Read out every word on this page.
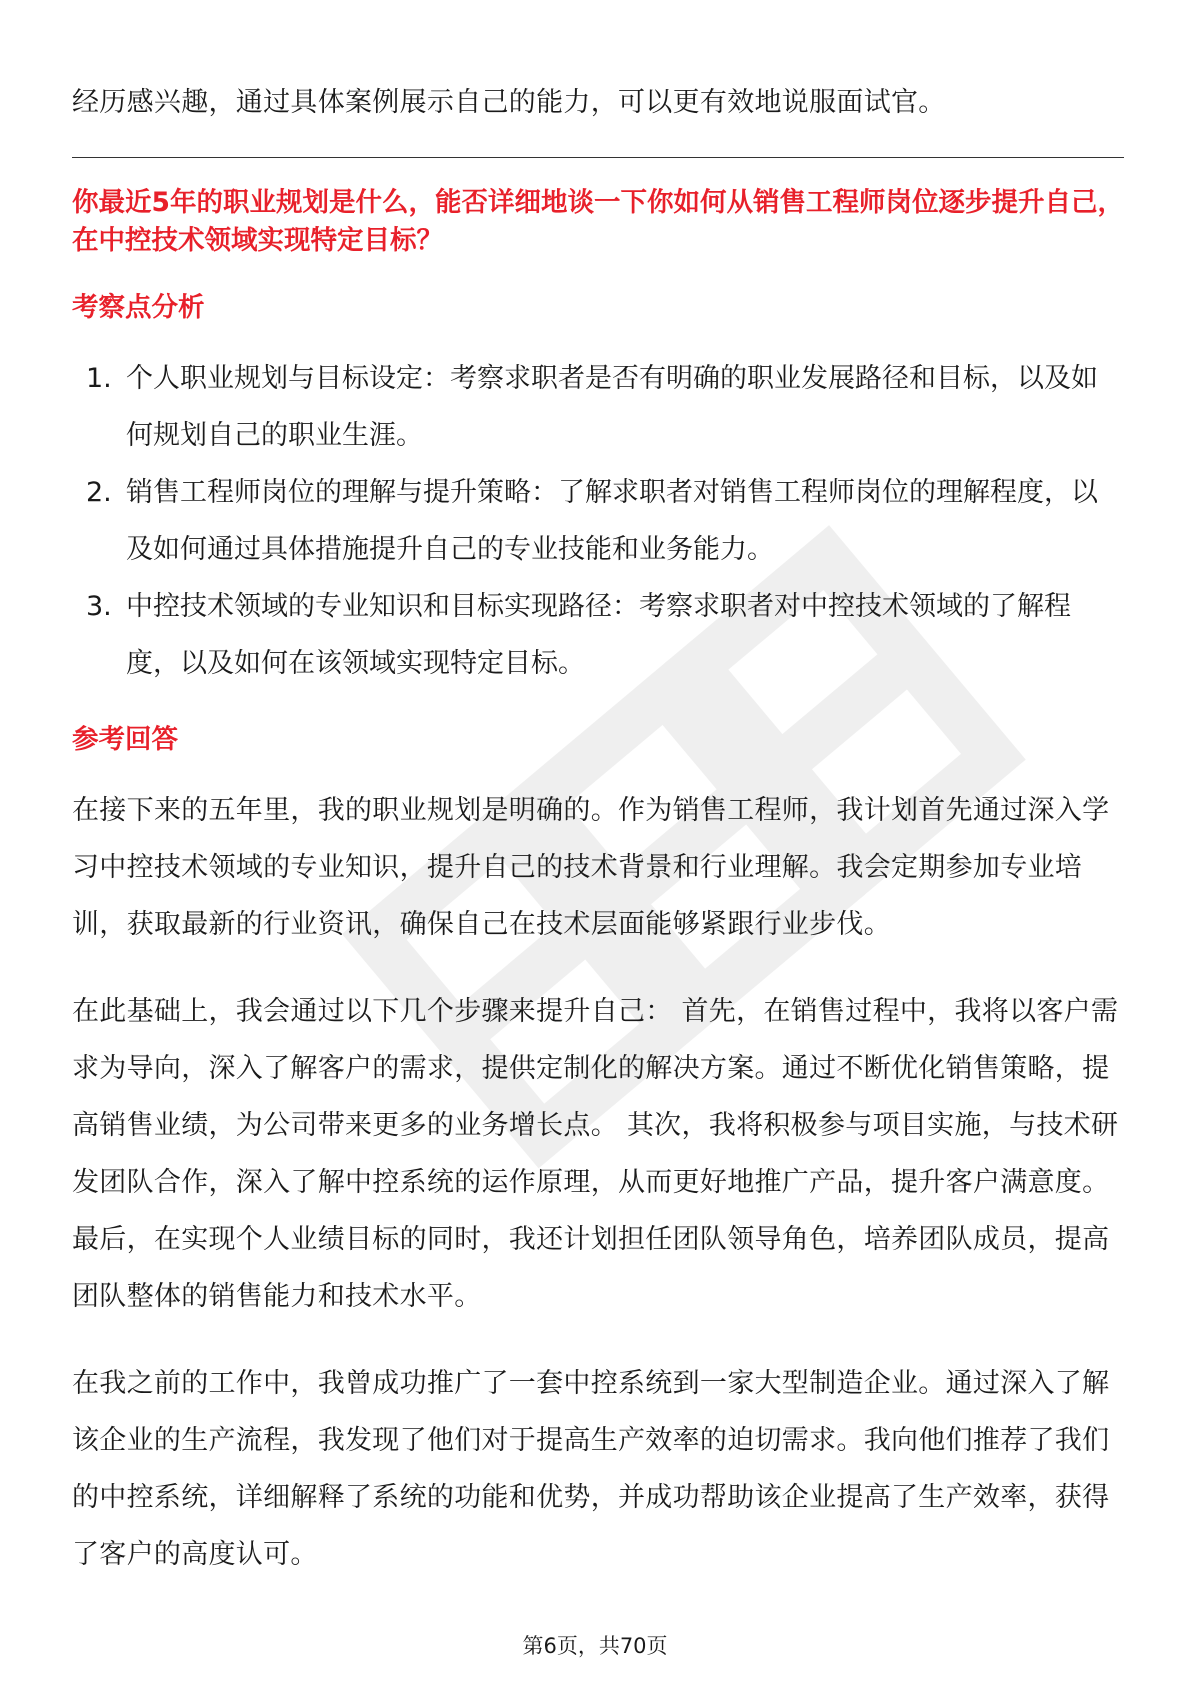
经历感兴趣，通过具体案例展示自己的能力，可以更有效地说服面试官。

你最近5年的职业规划是什么，能否详细地谈一下你如何从销售工程师岗位逐步提升自己，在中控技术领域实现特定目标？

考察点分析
1. 个人职业规划与目标设定：考察求职者是否有明确的职业发展路径和目标，以及如何规划自己的职业生涯。
2. 销售工程师岗位的理解与提升策略：了解求职者对销售工程师岗位的理解程度，以及如何通过具体措施提升自己的专业技能和业务能力。
3. 中控技术领域的专业知识和目标实现路径：考察求职者对中控技术领域的了解程度，以及如何在该领域实现特定目标。
参考回答

在接下来的五年里，我的职业规划是明确的。作为销售工程师，我计划首先通过深入学习中控技术领域的专业知识，提升自己的技术背景和行业理解。我会定期参加专业培训，获取最新的行业资讯，确保自己在技术层面能够紧跟行业步伐。

在此基础上，我会通过以下几个步骤来提升自己： 首先，在销售过程中，我将以客户需求为导向，深入了解客户的需求，提供定制化的解决方案。通过不断优化销售策略，提高销售业绩，为公司带来更多的业务增长点。 其次，我将积极参与项目实施，与技术研发团队合作，深入了解中控系统的运作原理，从而更好地推广产品，提升客户满意度。 最后，在实现个人业绩目标的同时，我还计划担任团队领导角色，培养团队成员，提高团队整体的销售能力和技术水平。

在我之前的工作中，我曾成功推广了一套中控系统到一家大型制造企业。通过深入了解该企业的生产流程，我发现了他们对于提高生产效率的迫切需求。我向他们推荐了我们的中控系统，详细解释了系统的功能和优势，并成功帮助该企业提高了生产效率，获得了客户的高度认可。

第6页，共70页
